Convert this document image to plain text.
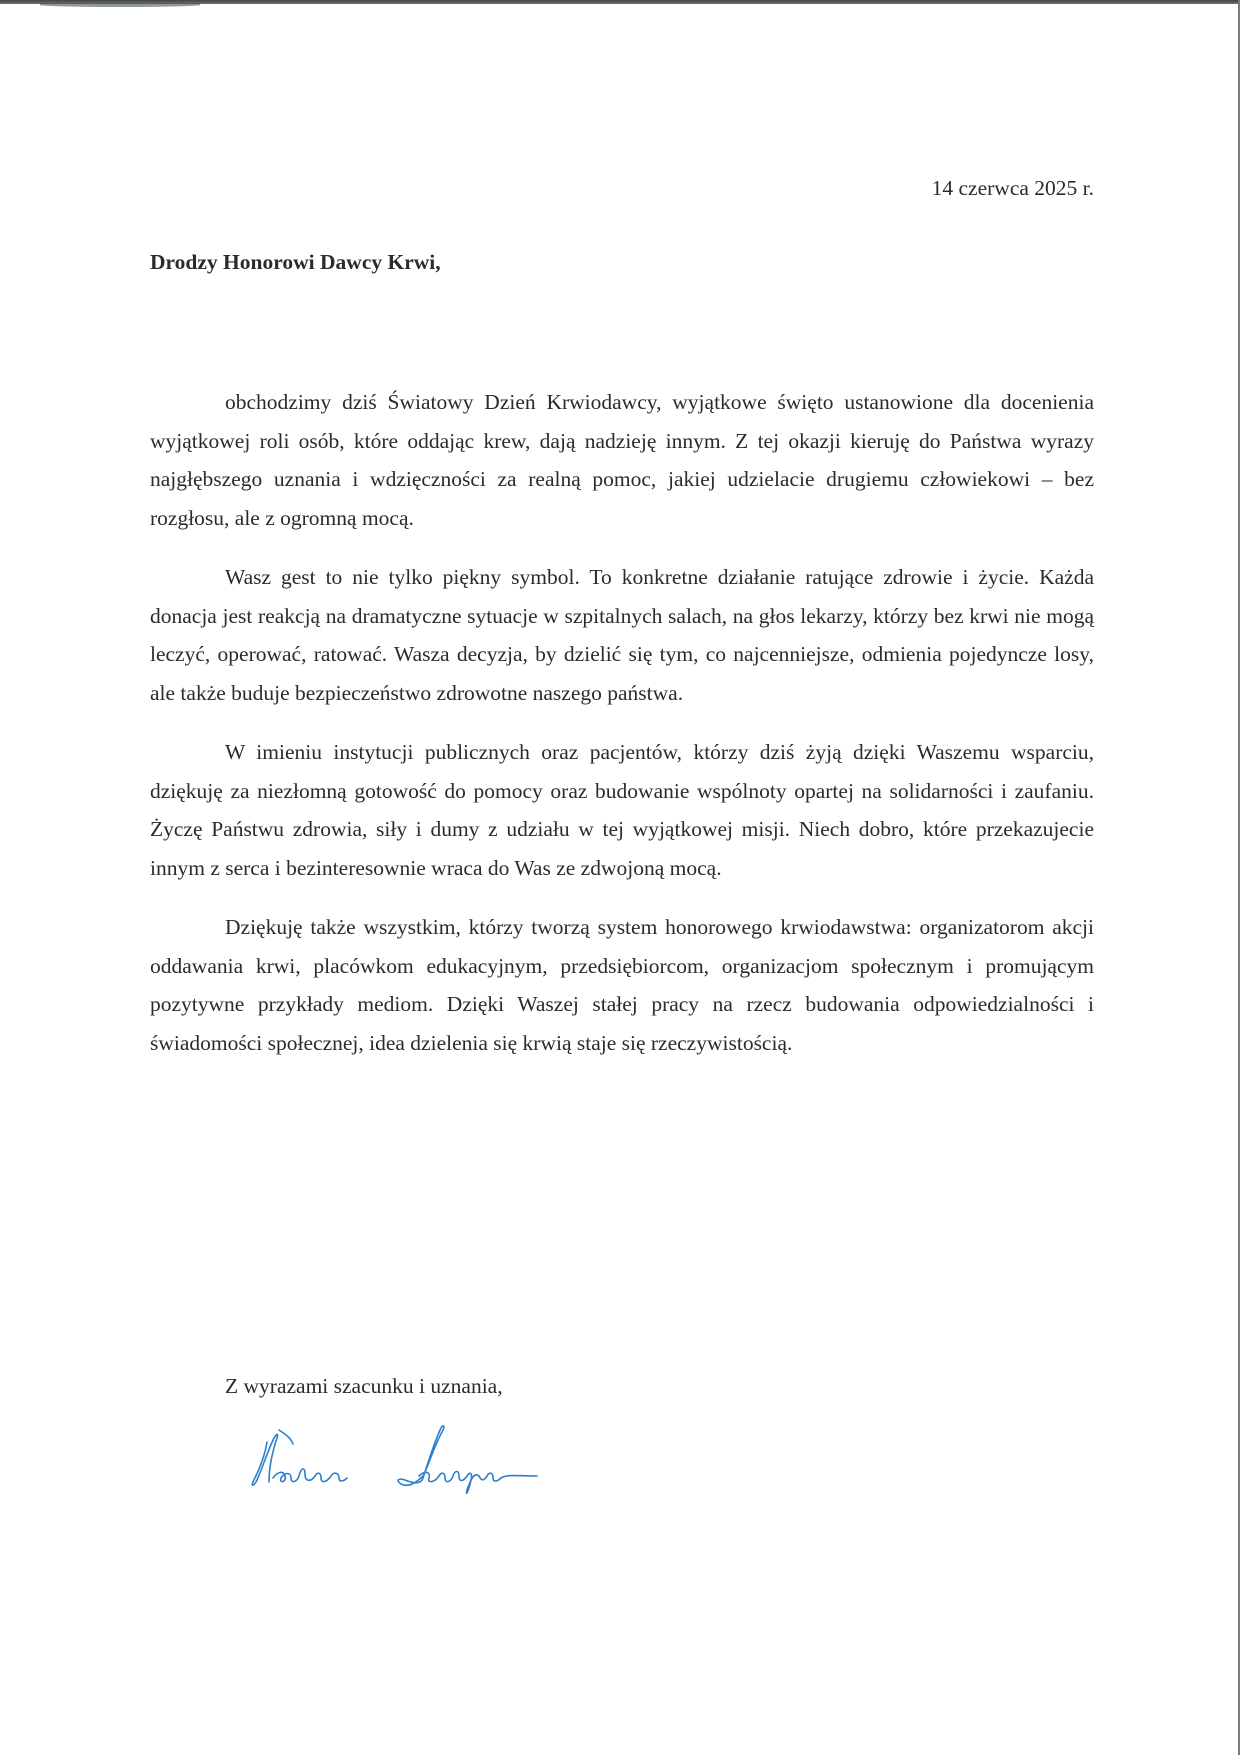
14 czerwca 2025 r.
Drodzy Honorowi Dawcy Krwi,

obchodzimy dziś Światowy Dzień Krwiodawcy, wyjątkowe święto ustanowione dla docenienia wyjątkowej roli osób, które oddając krew, dają nadzieję innym. Z tej okazji kieruję do Państwa wyrazy najgłębszego uznania i wdzięczności za realną pomoc, jakiej udzielacie drugiemu człowiekowi – bez rozgłosu, ale z ogromną mocą.

Wasz gest to nie tylko piękny symbol. To konkretne działanie ratujące zdrowie i życie. Każda donacja jest reakcją na dramatyczne sytuacje w szpitalnych salach, na głos lekarzy, którzy bez krwi nie mogą leczyć, operować, ratować. Wasza decyzja, by dzielić się tym, co najcenniejsze, odmienia pojedyncze losy, ale także buduje bezpieczeństwo zdrowotne naszego państwa.

W imieniu instytucji publicznych oraz pacjentów, którzy dziś żyją dzięki Waszemu wsparciu, dziękuję za niezłomną gotowość do pomocy oraz budowanie wspólnoty opartej na solidarności i zaufaniu. Życzę Państwu zdrowia, siły i dumy z udziału w tej wyjątkowej misji. Niech dobro, które przekazujecie innym z serca i bezinteresownie wraca do Was ze zdwojoną mocą.

Dziękuję także wszystkim, którzy tworzą system honorowego krwiodawstwa: organizatorom akcji oddawania krwi, placówkom edukacyjnym, przedsiębiorcom, organizacjom społecznym i promującym pozytywne przykłady mediom. Dzięki Waszej stałej pracy na rzecz budowania odpowiedzialności i świadomości społecznej, idea dzielenia się krwią staje się rzeczywistością.

Z wyrazami szacunku i uznania,
